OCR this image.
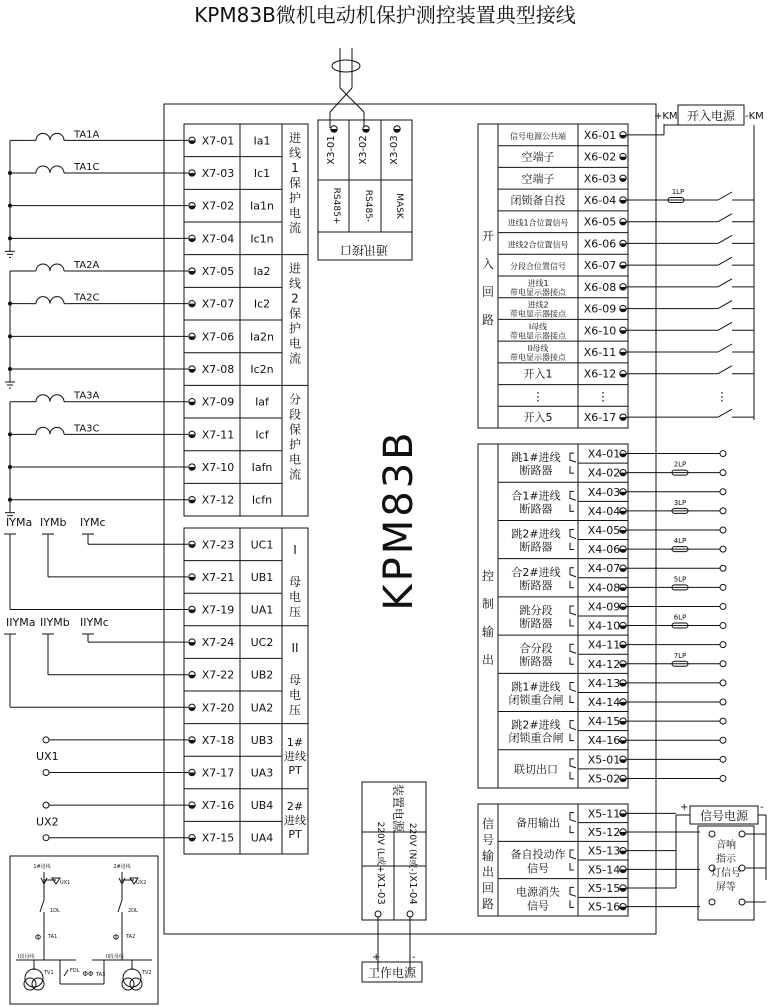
KPM83B微机电动机保护测控装置典型接线
KPM83B
X3-01 X3-02 X3-03
RS485+ RS485- MASK
通讯接口
X7-01 Ia1
X7-03 Ic1
X7-02 Ia1n
X7-04 Ic1n
X7-05 Ia2
X7-07 Ic2
X7-06 Ia2n
X7-08 Ic2n
X7-09 Iaf
X7-11 Icf
X7-10 Iafn
X7-12 Icfn
进
线
1
保
护
电
流
进
线
2
保
护
电
流
分
段
保
护
电
流
X7-23 UC1
X7-21 UB1
X7-19 UA1
X7-24 UC2
X7-22 UB2
X7-20 UA2
X7-18 UB3
X7-17 UA3
X7-16 UB4
X7-15 UA4
I
母
电
压
II
母
电
压
1#
进线
PT
2#
进线
PT
TA1A
TA1C
TA2A
TA2C
TA3A
TA3C
IYMa IYMb IYMc
IIYMa IIYMb IIYMc
UX1
UX2
开
入
回
路
信号电源公共端 X6-01
空端子	X6-02
空端子	X6-03
闭锁备自投 X6-04
1LP
进线1合位置信号 X6-05
进线2合位置信号 X6-06
分段合位置信号 X6-07
进线1
带电显示器接点 X6-08
进线2
带电显示器接点 X6-09
I母线
带电显示器接点 X6-10
II母线
带电显示器接点 X6-11
开入1	X6-12
⋮	⋮	⋮
开入5	X6-17
控
制
输
出
跳1#进线
断路器
X4-01
X4-02
2LP
合1#进线
断路器
X4-03
X4-04
3LP
跳2#进线
断路器
X4-05
X4-06
4LP
合2#进线
断路器
X4-07
X4-08
5LP
跳分段
断路器
X4-09
X4-10
6LP
合分段
断路器
X4-11
X4-12
7LP
跳1#进线
闭锁重合闸
X4-13
X4-14
跳2#进线
闭锁重合闸
X4-15
X4-16
联切出口
X5-01
X5-02
信
号
输
出
回
路
备用输出
X5-11
X5-12
备自投动作
信号
X5-13
X5-14
电源消失
信号
X5-15
X5-16
装置电源
220V (L或+) 220V (N或-)
X1-03 X1-04
工作电源
+	-
开入电源
+KM	-KM
信号电源
+	-
音响
指示
灯信号
屏等
1#进线	2#进线
UX1	UX2
1DL	2DL
Φ	Φ
TA1	TA2
I段母线	II段母线
FDL ΦΦ TA3
TV1	TV2
